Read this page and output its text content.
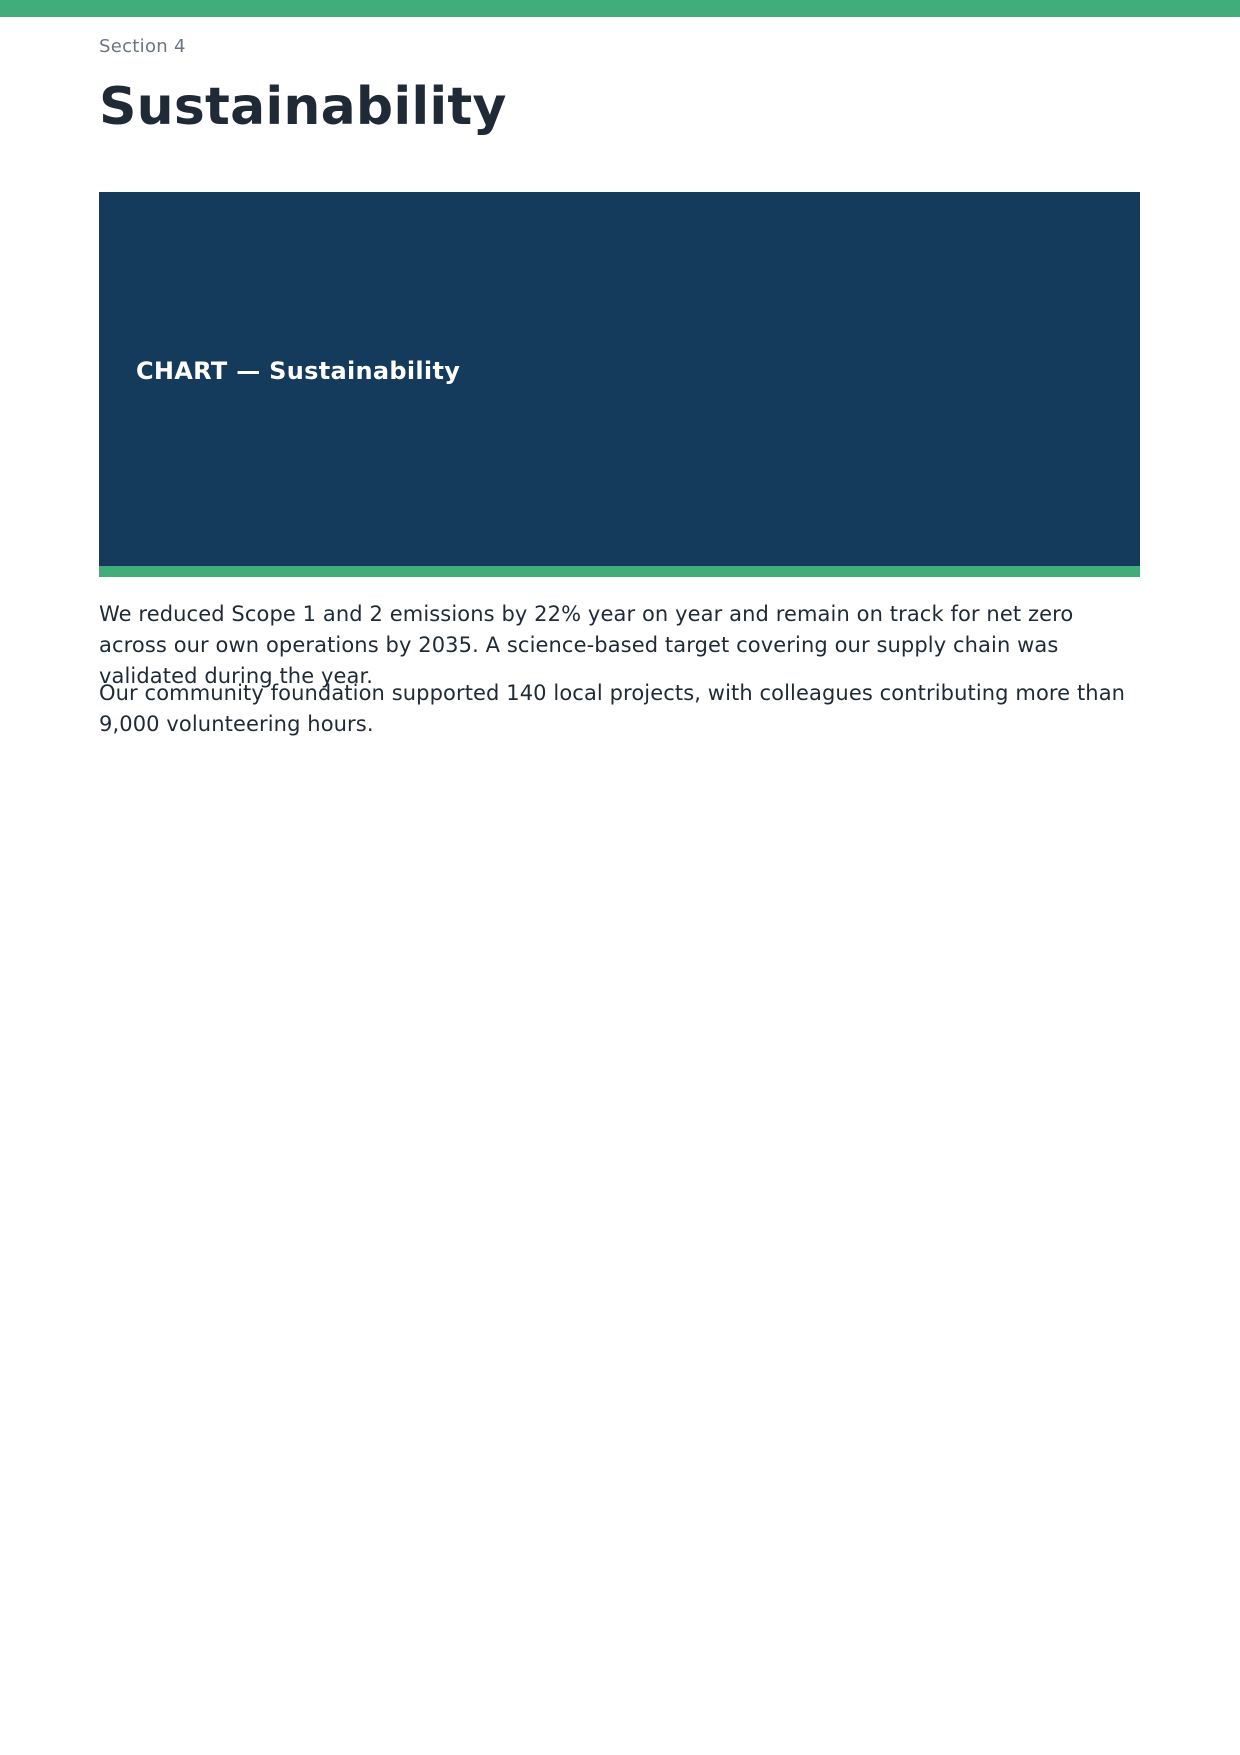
Section 4
Sustainability
CHART — Sustainability

We reduced Scope 1 and 2 emissions by 22% year on year and remain on track for net zero across our own operations by 2035. A science-based target covering our supply chain was validated during the year.

Our community foundation supported 140 local projects, with colleagues contributing more than 9,000 volunteering hours.
